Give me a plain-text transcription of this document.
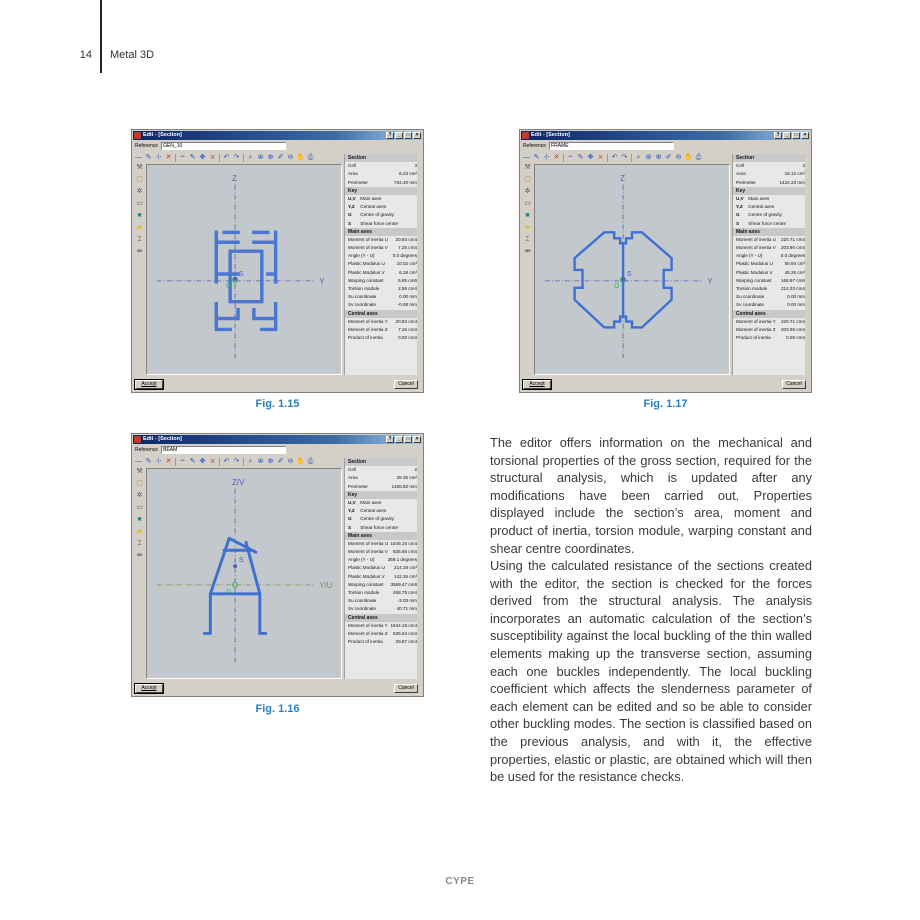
14 Metal 3D
Edit - [Section]	?	_	□	×
Reference
GEN_10
— ✎ ⊹ ✕ ∸ ✎ ✥ ⨯ ↶ ↷ ⌕ ⊛ ⊕ ✐ ⊖ ✋ ⎙
⚒
▢
✲
▭
■
▰
⌶
⇹
Z
Y
S
G
Section
Cell	3
Area	6.23 cm²
Perimeter	704.40 mm
Key
U,V Main axes
Y,Z Central axes
G Centre of gravity
S Shear force centre
Main axes
Moment of inertia U 20.93 cm4
Moment of inertia V 7.25 cm4
Angle (Y - U)	0.0 degrees
Plastic Modulus U	10.02 cm³
Plastic Modulus V	6.28 cm³
Warping constant	5.85 cm6
Torsion module	2.55 cm4
Su coordinate	0.00 mm
Sv coordinate	-0.68 mm
Central axes
Moment of inertia Y 20.93 cm4
Moment of inertia Z 7.25 cm4
Product of inertia	0.00 cm4
Accept	Cancel
Fig. 1.15
Edit - [Section]	?	_	□	×
Reference
FRAME
— ✎ ⊹ ✕ ∸ ✎ ✥ ⨯ ↶ ↷ ⌕ ⊛ ⊕ ✐ ⊖ ✋ ⎙
⚒
▢
✲
▭
■
▰
⌶
⇹
Z
Y
S
G
Section
Cell	2
Area	15.12 cm²
Perimeter	1424.23 mm
Key
U,V Main axes
Y,Z Central axes
G Centre of gravity
S Shear force centre
Main axes
Moment of inertia U 220.71 cm4
Moment of inertia V 203.90 cm4
Angle (Y - U)	0.0 degrees
Plastic Modulus U	50.94 cm³
Plastic Modulus V	45.25 cm³
Warping constant 166.97 cm6
Torsion module	214.33 cm4
Su coordinate	0.00 mm
Sv coordinate	0.00 mm
Central axes
Moment of inertia Y 220.71 cm4
Moment of inertia Z 203.90 cm4
Product of inertia	0.00 cm4
Accept	Cancel
Fig. 1.17
Edit - [Section]	?	_	□	×
Reference
BEAM
— ✎ ⊹ ✕ ∸ ✎ ✥ ⨯ ↶ ↷ ⌕ ⊛ ⊕ ✐ ⊖ ✋ ⎙
⚒
▢
✲
▭
■
▰
⌶
⇹
Z/V
Y/U
S
G
Section
Cell	2
Area	39.35 cm²
Perimeter	1455.82 mm
Key
U,V Main axes
Y,Z Central axes
G Centre of gravity
S Shear force centre
Main axes
Moment of inertia U 1545.16 cm4
Moment of inertia V 635.66 cm4
Angle (Y - U)	359.1 degrees
Plastic Modulus U 214.28 cm³
Plastic Modulus V 142.26 cm³
Warping constant 3589.47 cm6
Torsion module	488.75 cm4
Su coordinate	-3.03 mm
Sv coordinate	40.71 mm
Central axes
Moment of inertia Y 1544.18 cm4
Moment of inertia Z 636.64 cm4
Product of inertia	29.87 cm4
Accept	Cancel
Fig. 1.16

The editor offers information on the mechanical and torsional properties of the gross section, required for the structural analysis, which is updated after any modifications have been carried out. Properties displayed include the section’s area, moment and product of inertia, torsion module, warping constant and shear centre coordinates.

Using the calculated resistance of the sections created with the editor, the section is checked for the forces derived from the structural analysis. The analysis incorporates an automatic calculation of the section’s susceptibility against the local buckling of the thin walled elements making up the transverse section, assuming each one buckles independently. The local buckling coefficient which affects the slenderness parameter of each element can be edited and so be able to consider other buckling modes. The section is classified based on the previous analysis, and with it, the effective properties, elastic or plastic, are obtained which will then be used for the resistance checks.

CYPE
